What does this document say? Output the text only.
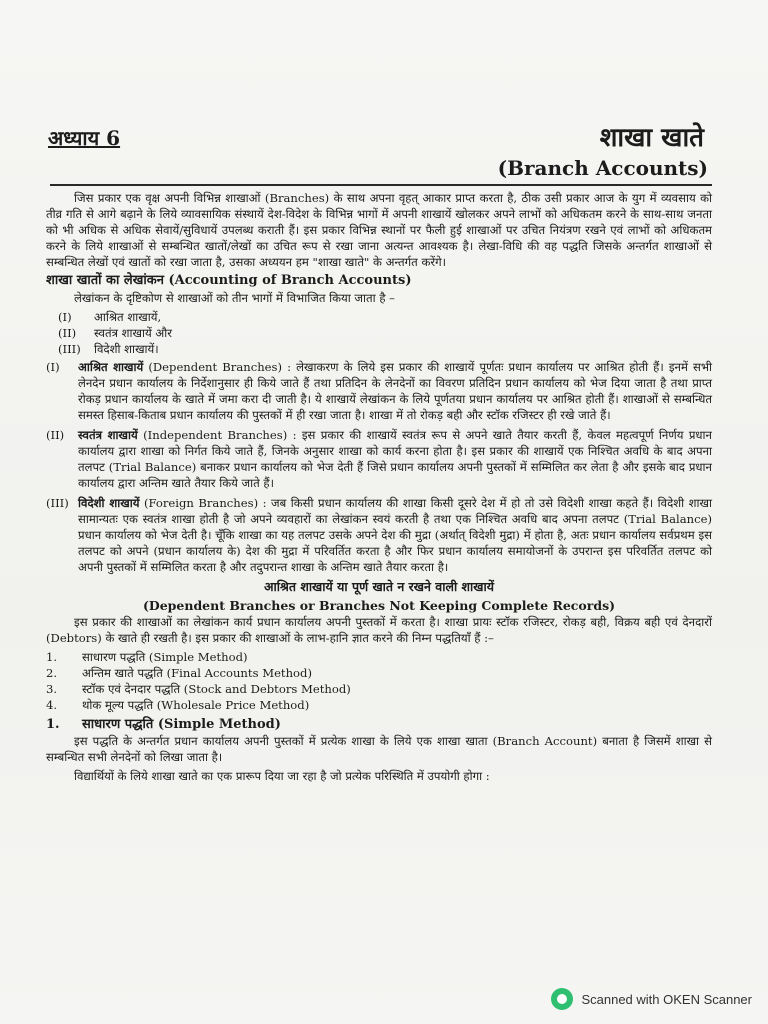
अध्याय 6	शाखा खाते
(Branch Accounts)

जिस प्रकार एक वृक्ष अपनी विभिन्न शाखाओं (Branches) के साथ अपना वृहत् आकार प्राप्त करता है, ठीक उसी प्रकार आज के युग में व्यवसाय को तीव्र गति से आगे बढ़ाने के लिये व्यावसायिक संस्थायें देश-विदेश के विभिन्न भागों में अपनी शाखायें खोलकर अपने लाभों को अधिकतम करने के साथ-साथ जनता को भी अधिक से अधिक सेवायें/सुविधायें उपलब्ध कराती हैं। इस प्रकार विभिन्न स्थानों पर फैली हुई शाखाओं पर उचित नियंत्रण रखने एवं लाभों को अधिकतम करने के लिये शाखाओं से सम्बन्धित खातों/लेखों का उचित रूप से रखा जाना अत्यन्त आवश्यक है। लेखा-विधि की वह पद्धति जिसके अन्तर्गत शाखाओं से सम्बन्धित लेखों एवं खातों को रखा जाता है, उसका अध्ययन हम "शाखा खाते" के अन्तर्गत करेंगे।

शाखा खातों का लेखांकन (Accounting of Branch Accounts)

लेखांकन के दृष्टिकोण से शाखाओं को तीन भागों में विभाजित किया जाता है –

(I)	आश्रित शाखायें,
(II)	स्वतंत्र शाखायें और
(III) विदेशी शाखायें।
(I)	आश्रित शाखायें (Dependent Branches) : लेखाकरण के लिये इस प्रकार की शाखायें पूर्णतः प्रधान कार्यालय पर आश्रित होती हैं। इनमें सभी लेनदेन प्रधान कार्यालय के निर्देशानुसार ही किये जाते हैं तथा प्रतिदिन के लेनदेनों का विवरण प्रतिदिन प्रधान कार्यालय को भेज दिया जाता है तथा प्राप्त रोकड़ प्रधान कार्यालय के खाते में जमा करा दी जाती है। ये शाखायें लेखांकन के लिये पूर्णतया प्रधान कार्यालय पर आश्रित होती हैं। शाखाओं से सम्बन्धित समस्त हिसाब-किताब प्रधान कार्यालय की पुस्तकों में ही रखा जाता है। शाखा में तो रोकड़ बही और स्टॉक रजिस्टर ही रखे जाते हैं।
(II)	स्वतंत्र शाखायें (Independent Branches) : इस प्रकार की शाखायें स्वतंत्र रूप से अपने खाते तैयार करती हैं, केवल महत्वपूर्ण निर्णय प्रधान कार्यालय द्वारा शाखा को निर्गत किये जाते हैं, जिनके अनुसार शाखा को कार्य करना होता है। इस प्रकार की शाखायें एक निश्चित अवधि के बाद अपना तलपट (Trial Balance) बनाकर प्रधान कार्यालय को भेज देती हैं जिसे प्रधान कार्यालय अपनी पुस्तकों में सम्मिलित कर लेता है और इसके बाद प्रधान कार्यालय द्वारा अन्तिम खाते तैयार किये जाते हैं।
(III) विदेशी शाखायें (Foreign Branches) : जब किसी प्रधान कार्यालय की शाखा किसी दूसरे देश में हो तो उसे विदेशी शाखा कहते हैं। विदेशी शाखा सामान्यतः एक स्वतंत्र शाखा होती है जो अपने व्यवहारों का लेखांकन स्वयं करती है तथा एक निश्चित अवधि बाद अपना तलपट (Trial Balance) प्रधान कार्यालय को भेज देती है। चूँकि शाखा का यह तलपट उसके अपने देश की मुद्रा (अर्थात् विदेशी मुद्रा) में होता है, अतः प्रधान कार्यालय सर्वप्रथम इस तलपट को अपने (प्रधान कार्यालय के) देश की मुद्रा में परिवर्तित करता है और फिर प्रधान कार्यालय समायोजनों के उपरान्त इस परिवर्तित तलपट को अपनी पुस्तकों में सम्मिलित करता है और तदुपरान्त शाखा के अन्तिम खाते तैयार करता है।
आश्रित शाखायें या पूर्ण खाते न रखने वाली शाखायें
(Dependent Branches or Branches Not Keeping Complete Records)

इस प्रकार की शाखाओं का लेखांकन कार्य प्रधान कार्यालय अपनी पुस्तकों में करता है। शाखा प्रायः स्टॉक रजिस्टर, रोकड़ बही, विक्रय बही एवं देनदारों (Debtors) के खाते ही रखती है। इस प्रकार की शाखाओं के लाभ-हानि ज्ञात करने की निम्न पद्धतियाँ हैं :–

1.	साधारण पद्धति (Simple Method)
2.	अन्तिम खाते पद्धति (Final Accounts Method)
3.	स्टॉक एवं देनदार पद्धति (Stock and Debtors Method)
4.	थोक मूल्य पद्धति (Wholesale Price Method)
1.	साधारण पद्धति (Simple Method)

इस पद्धति के अन्तर्गत प्रधान कार्यालय अपनी पुस्तकों में प्रत्येक शाखा के लिये एक शाखा खाता (Branch Account) बनाता है जिसमें शाखा से सम्बन्धित सभी लेनदेनों को लिखा जाता है।

विद्यार्थियों के लिये शाखा खाते का एक प्रारूप दिया जा रहा है जो प्रत्येक परिस्थिति में उपयोगी होगा :

Scanned with OKEN Scanner
